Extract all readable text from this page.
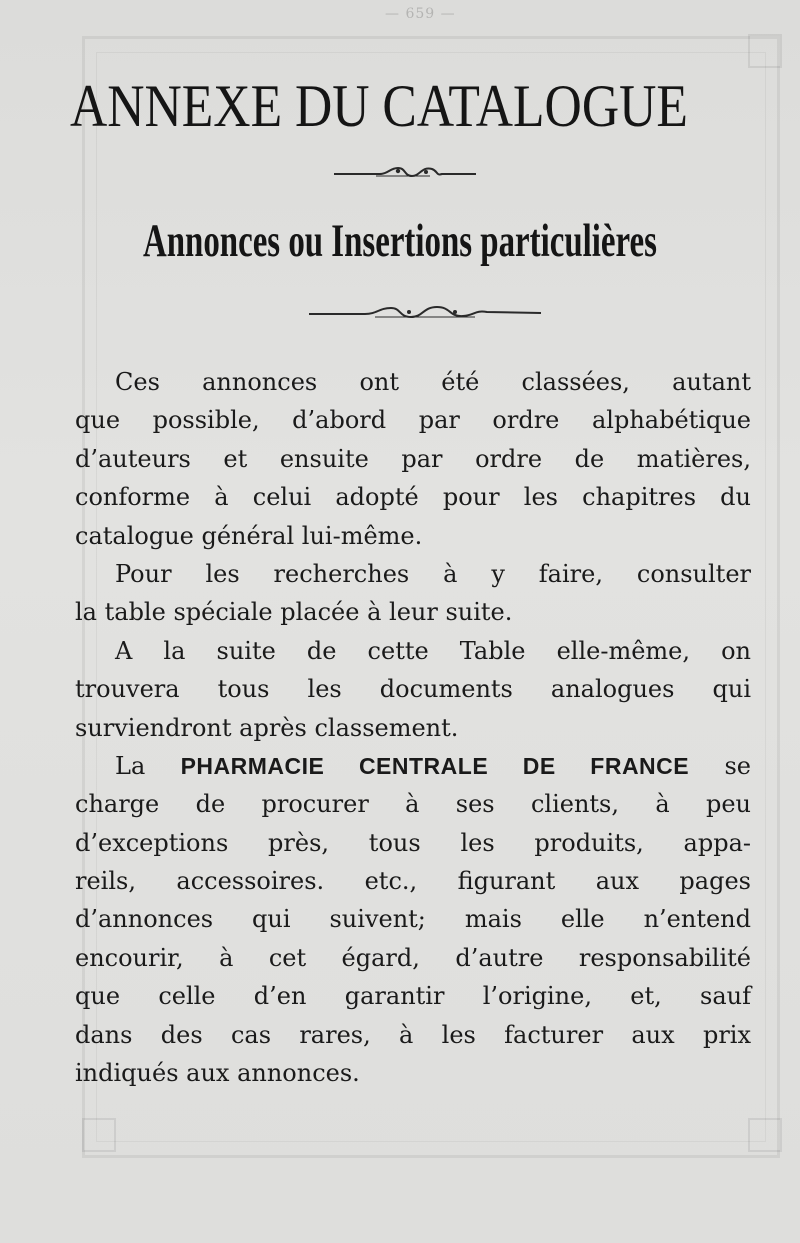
— 659 —
ANNEXE DU CATALOGUE
Annonces ou Insertions particulières
Ces annonces ont été classées, autant
que possible, d’abord par ordre alphabétique
d’auteurs et ensuite par ordre de matières,
conforme à celui adopté pour les chapitres du
catalogue général lui-même.
Pour les recherches à y faire, consulter
la table spéciale placée à leur suite.
A la suite de cette Table elle-même, on
trouvera tous les documents analogues qui
surviendront après classement.
La PHARMACIE CENTRALE DE FRANCE se
charge de procurer à ses clients, à peu
d’exceptions près, tous les produits, appa-
reils, accessoires. etc., figurant aux pages
d’annonces qui suivent; mais elle n’entend
encourir, à cet égard, d’autre responsabilité
que celle d’en garantir l’origine, et, sauf
dans des cas rares, à les facturer aux prix
indiqués aux annonces.
